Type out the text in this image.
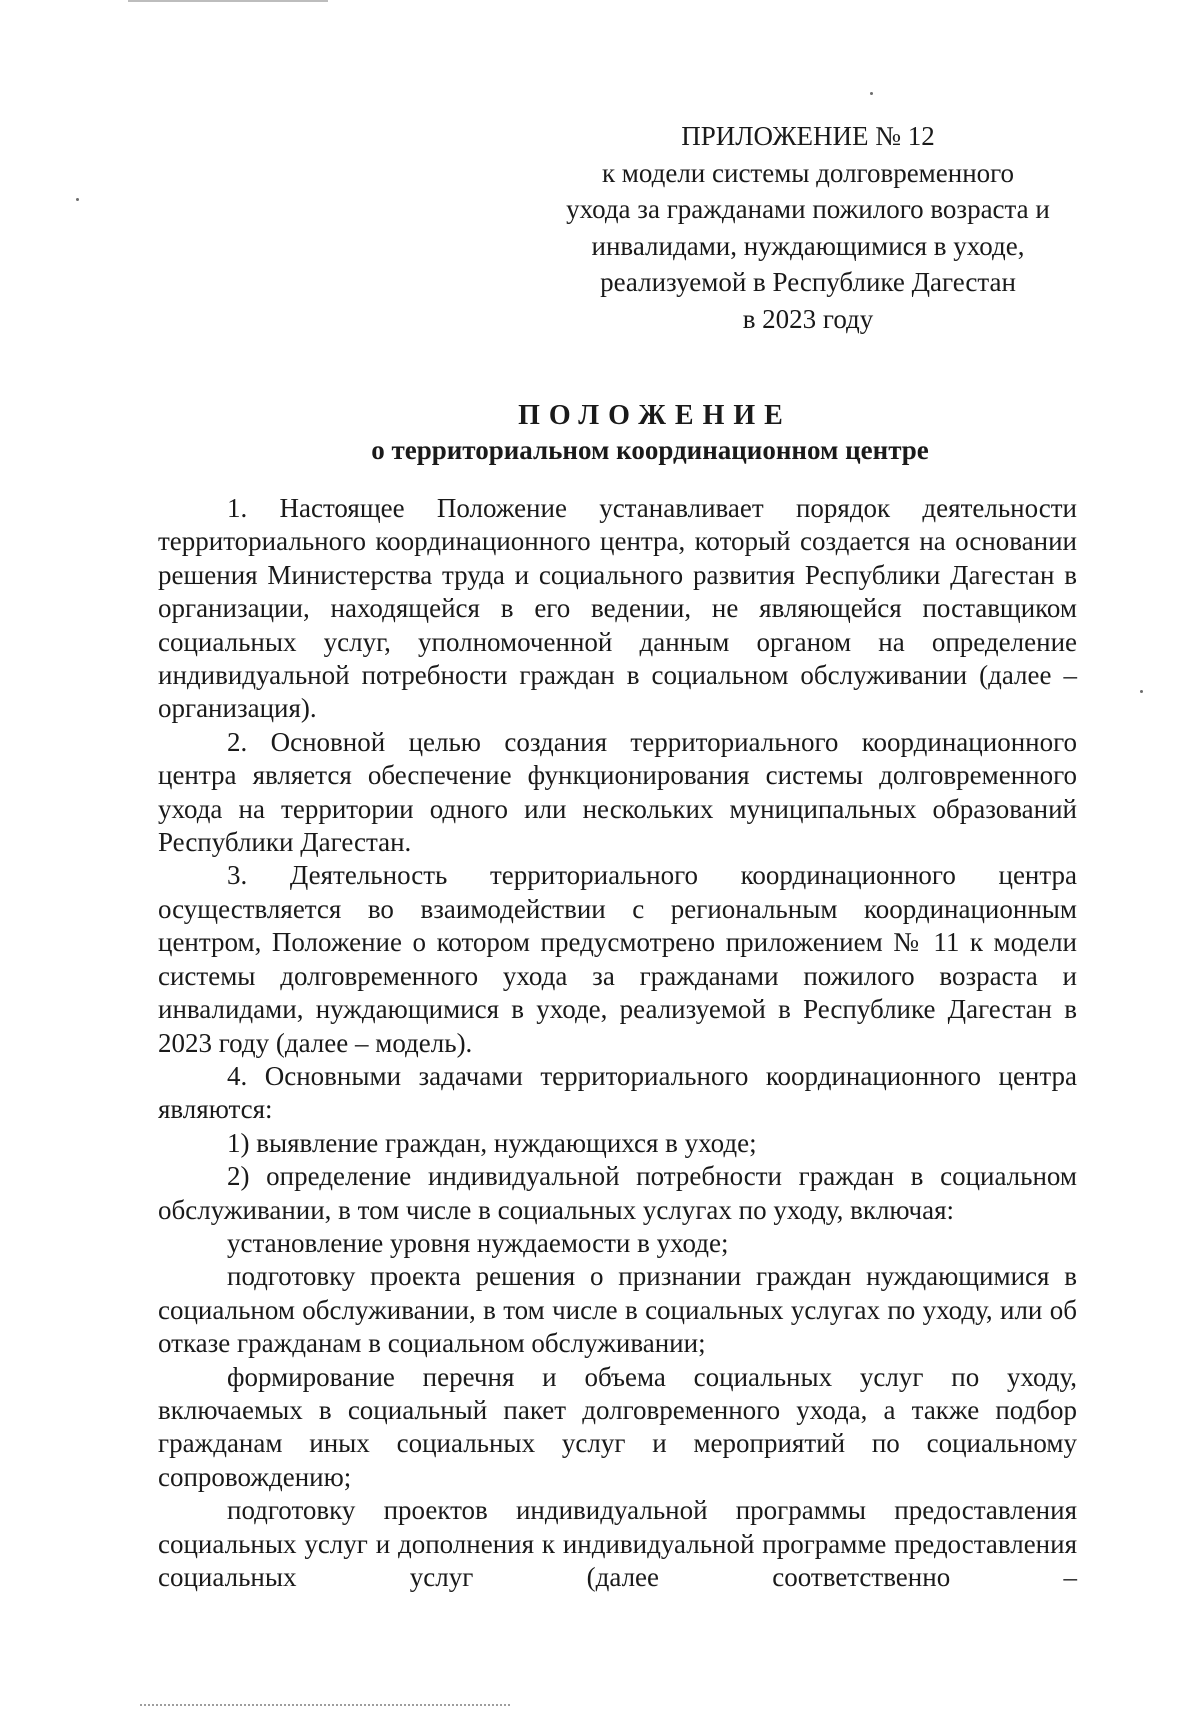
ПРИЛОЖЕНИЕ № 12
к модели системы долговременного
ухода за гражданами пожилого возраста и
инвалидами, нуждающимися в уходе,
реализуемой в Республике Дагестан
в 2023 году
ПОЛОЖЕНИЕ
о территориальном координационном центре

1. Настоящее Положение устанавливает порядок деятельности территориального координационного центра, который создается на основании решения Министерства труда и социального развития Республики Дагестан в организации, находящейся в его ведении, не являющейся поставщиком социальных услуг, уполномоченной данным органом на определение индивидуальной потребности граждан в социальном обслуживании (далее – организация).

2. Основной целью создания территориального координационного центра является обеспечение функционирования системы долговременного ухода на территории одного или нескольких муниципальных образований Республики Дагестан.

3. Деятельность территориального координационного центра осуществляется во взаимодействии с региональным координационным центром, Положение о котором предусмотрено приложением № 11 к модели системы долговременного ухода за гражданами пожилого возраста и инвалидами, нуждающимися в уходе, реализуемой в Республике Дагестан в 2023 году (далее – модель).

4. Основными задачами территориального координационного центра являются:

1) выявление граждан, нуждающихся в уходе;

2) определение индивидуальной потребности граждан в социальном обслуживании, в том числе в социальных услугах по уходу, включая:

установление уровня нуждаемости в уходе;

подготовку проекта решения о признании граждан нуждающимися в социальном обслуживании, в том числе в социальных услугах по уходу, или об отказе гражданам в социальном обслуживании;

формирование перечня и объема социальных услуг по уходу, включаемых в социальный пакет долговременного ухода, а также подбор гражданам иных социальных услуг и мероприятий по социальному сопровождению;

подготовку проектов индивидуальной программы предоставления социальных услуг и дополнения к индивидуальной программе предоставления социальных услуг (далее соответственно –
